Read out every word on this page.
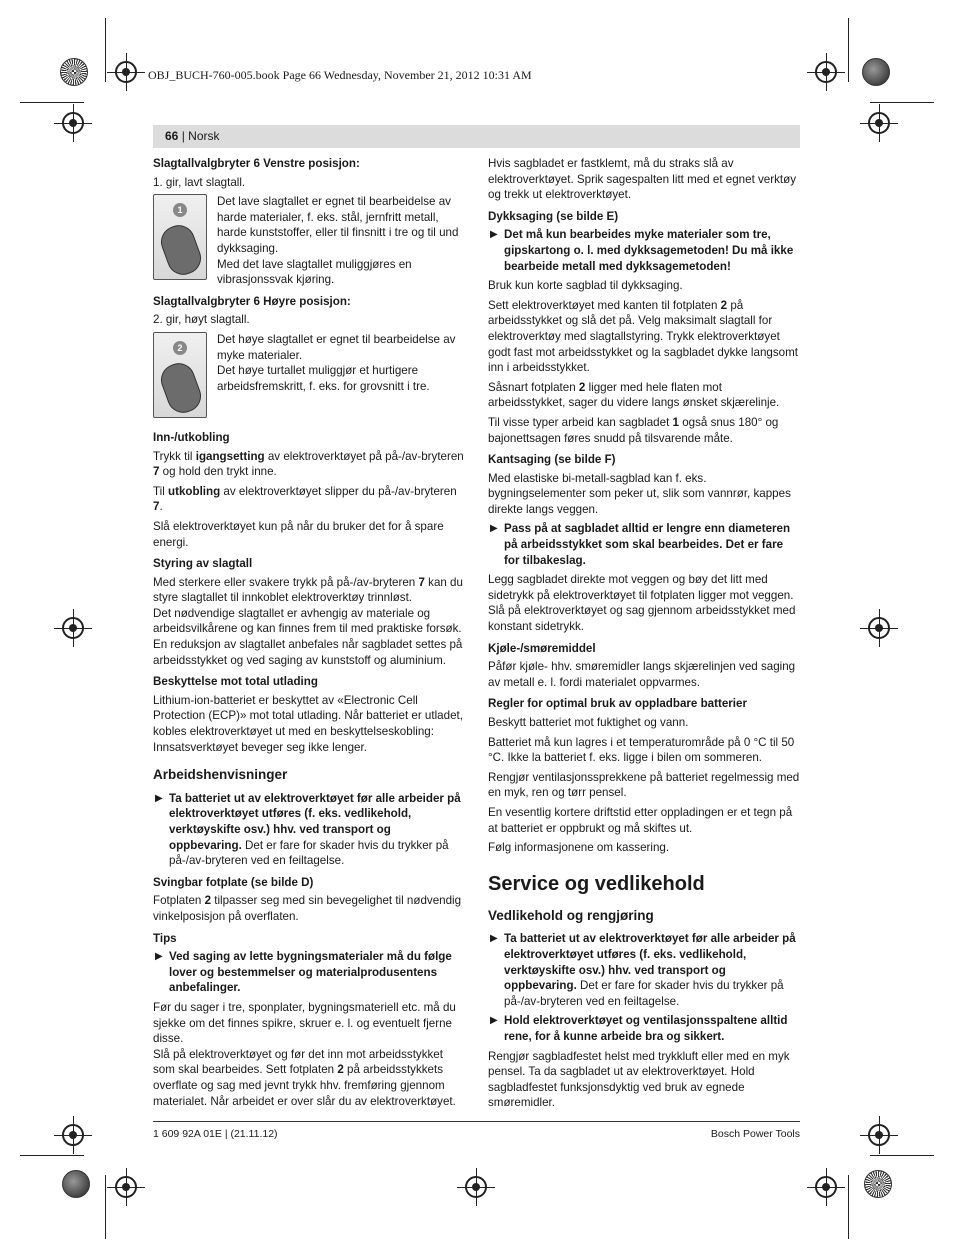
OBJ_BUCH-760-005.book Page 66 Wednesday, November 21, 2012 10:31 AM
66 | Norsk

Slagtallvalgbryter 6 Venstre posisjon:

1. gir, lavt slagtall.

1
Det lave slagtallet er egnet til bearbeidelse av harde materialer, f. eks. stål, jernfritt metall, harde kunststoffer, eller til finsnitt i tre og til und dykksaging.
Med det lave slagtallet muliggjøres en vibrasjonssvak kjøring.

Slagtallvalgbryter 6 Høyre posisjon:

2. gir, høyt slagtall.

2
Det høye slagtallet er egnet til bearbeidelse av myke materialer.
Det høye turtallet muliggjør et hurtigere arbeidsfremskritt, f. eks. for grovsnitt i tre.

Inn-/utkobling

Trykk til igangsetting av elektroverktøyet på på-/av-bryteren 7 og hold den trykt inne.

Til utkobling av elektroverktøyet slipper du på-/av-bryteren 7.

Slå elektroverktøyet kun på når du bruker det for å spare energi.

Styring av slagtall

Med sterkere eller svakere trykk på på-/av-bryteren 7 kan du styre slagtallet til innkoblet elektroverktøy trinnløst.

Det nødvendige slagtallet er avhengig av materiale og arbeidsvilkårene og kan finnes frem til med praktiske forsøk.

En reduksjon av slagtallet anbefales når sagbladet settes på arbeidsstykket og ved saging av kunststoff og aluminium.

Beskyttelse mot total utlading

Lithium-ion-batteriet er beskyttet av «Electronic Cell Protection (ECP)» mot total utlading. Når batteriet er utladet, kobles elektroverktøyet ut med en beskyttelseskobling: Innsatsverktøyet beveger seg ikke lenger.

Arbeidshenvisninger

▶ Ta batteriet ut av elektroverktøyet før alle arbeider på elektroverktøyet utføres (f. eks. vedlikehold, verktøyskifte osv.) hhv. ved transport og oppbevaring. Det er fare for skader hvis du trykker på på-/av-bryteren ved en feiltagelse.

Svingbar fotplate (se bilde D)

Fotplaten 2 tilpasser seg med sin bevegelighet til nødvendig vinkelposisjon på overflaten.

Tips

▶ Ved saging av lette bygningsmaterialer må du følge lover og bestemmelser og materialprodusentens anbefalinger.

Før du sager i tre, sponplater, bygningsmateriell etc. må du sjekke om det finnes spikre, skruer e. l. og eventuelt fjerne disse.

Slå på elektroverktøyet og før det inn mot arbeidsstykket som skal bearbeides. Sett fotplaten 2 på arbeidsstykkets overflate og sag med jevnt trykk hhv. fremføring gjennom materialet. Når arbeidet er over slår du av elektroverktøyet.

Hvis sagbladet er fastklemt, må du straks slå av elektroverktøyet. Sprik sagespalten litt med et egnet verktøy og trekk ut elektroverktøyet.

Dykksaging (se bilde E)

▶ Det må kun bearbeides myke materialer som tre, gipskartong o. l. med dykksagemetoden! Du må ikke bearbeide metall med dykksagemetoden!

Bruk kun korte sagblad til dykksaging.

Sett elektroverktøyet med kanten til fotplaten 2 på arbeidsstykket og slå det på. Velg maksimalt slagtall for elektroverktøy med slagtallstyring. Trykk elektroverktøyet godt fast mot arbeidsstykket og la sagbladet dykke langsomt inn i arbeidsstykket.

Såsnart fotplaten 2 ligger med hele flaten mot arbeidsstykket, sager du videre langs ønsket skjærelinje.

Til visse typer arbeid kan sagbladet 1 også snus 180° og bajonettsagen føres snudd på tilsvarende måte.

Kantsaging (se bilde F)

Med elastiske bi-metall-sagblad kan f. eks. bygningselementer som peker ut, slik som vannrør, kappes direkte langs veggen.

▶ Pass på at sagbladet alltid er lengre enn diameteren på arbeidsstykket som skal bearbeides. Det er fare for tilbakeslag.

Legg sagbladet direkte mot veggen og bøy det litt med sidetrykk på elektroverktøyet til fotplaten ligger mot veggen. Slå på elektroverktøyet og sag gjennom arbeidsstykket med konstant sidetrykk.

Kjøle-/smøremiddel

Påfør kjøle- hhv. smøremidler langs skjærelinjen ved saging av metall e. l. fordi materialet oppvarmes.

Regler for optimal bruk av oppladbare batterier

Beskytt batteriet mot fuktighet og vann.

Batteriet må kun lagres i et temperaturområde på 0 °C til 50 °C. Ikke la batteriet f. eks. ligge i bilen om sommeren.

Rengjør ventilasjonssprekkene på batteriet regelmessig med en myk, ren og tørr pensel.

En vesentlig kortere driftstid etter oppladingen er et tegn på at batteriet er oppbrukt og må skiftes ut.

Følg informasjonene om kassering.

Service og vedlikehold

Vedlikehold og rengjøring

▶ Ta batteriet ut av elektroverktøyet før alle arbeider på elektroverktøyet utføres (f. eks. vedlikehold, verktøyskifte osv.) hhv. ved transport og oppbevaring. Det er fare for skader hvis du trykker på på-/av-bryteren ved en feiltagelse.
▶ Hold elektroverktøyet og ventilasjonsspaltene alltid rene, for å kunne arbeide bra og sikkert.

Rengjør sagbladfestet helst med trykkluft eller med en myk pensel. Ta da sagbladet ut av elektroverktøyet. Hold sagbladfestet funksjonsdyktig ved bruk av egnede smøremidler.

1 609 92A 01E | (21.11.12)	Bosch Power Tools
